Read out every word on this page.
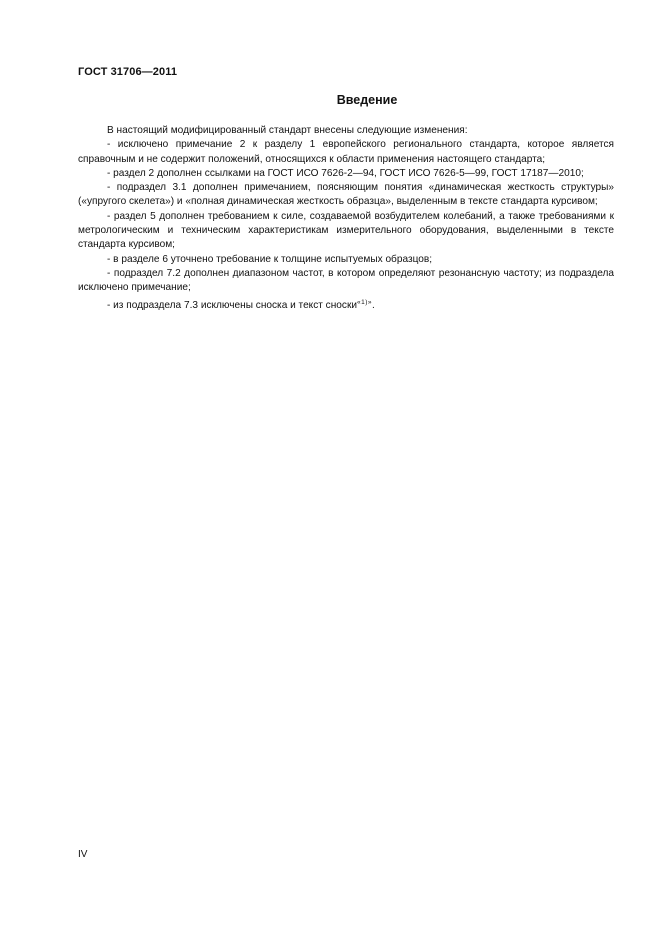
ГОСТ 31706—2011
Введение

В настоящий модифицированный стандарт внесены следующие изменения:

- исключено примечание 2 к разделу 1 европейского регионального стандарта, которое является справочным и не содержит положений, относящихся к области применения настоящего стандарта;

- раздел 2 дополнен ссылками на ГОСТ ИСО 7626-2—94, ГОСТ ИСО 7626-5—99, ГОСТ 17187—2010;

- подраздел 3.1 дополнен примечанием, поясняющим понятия «динамическая жесткость структуры» («упругого скелета») и «полная динамическая жесткость образца», выделенным в тексте стандарта курсивом;

- раздел 5 дополнен требованием к силе, создаваемой возбудителем колебаний, а также требованиями к метрологическим и техническим характеристикам измерительного оборудования, выделенными в тексте стандарта курсивом;

- в разделе 6 уточнено требование к толщине испытуемых образцов;

- подраздел 7.2 дополнен диапазоном частот, в котором определяют резонансную частоту; из подраздела исключено примечание;

- из подраздела 7.3 исключены сноска и текст сноски$^{«1)»}$.

IV
